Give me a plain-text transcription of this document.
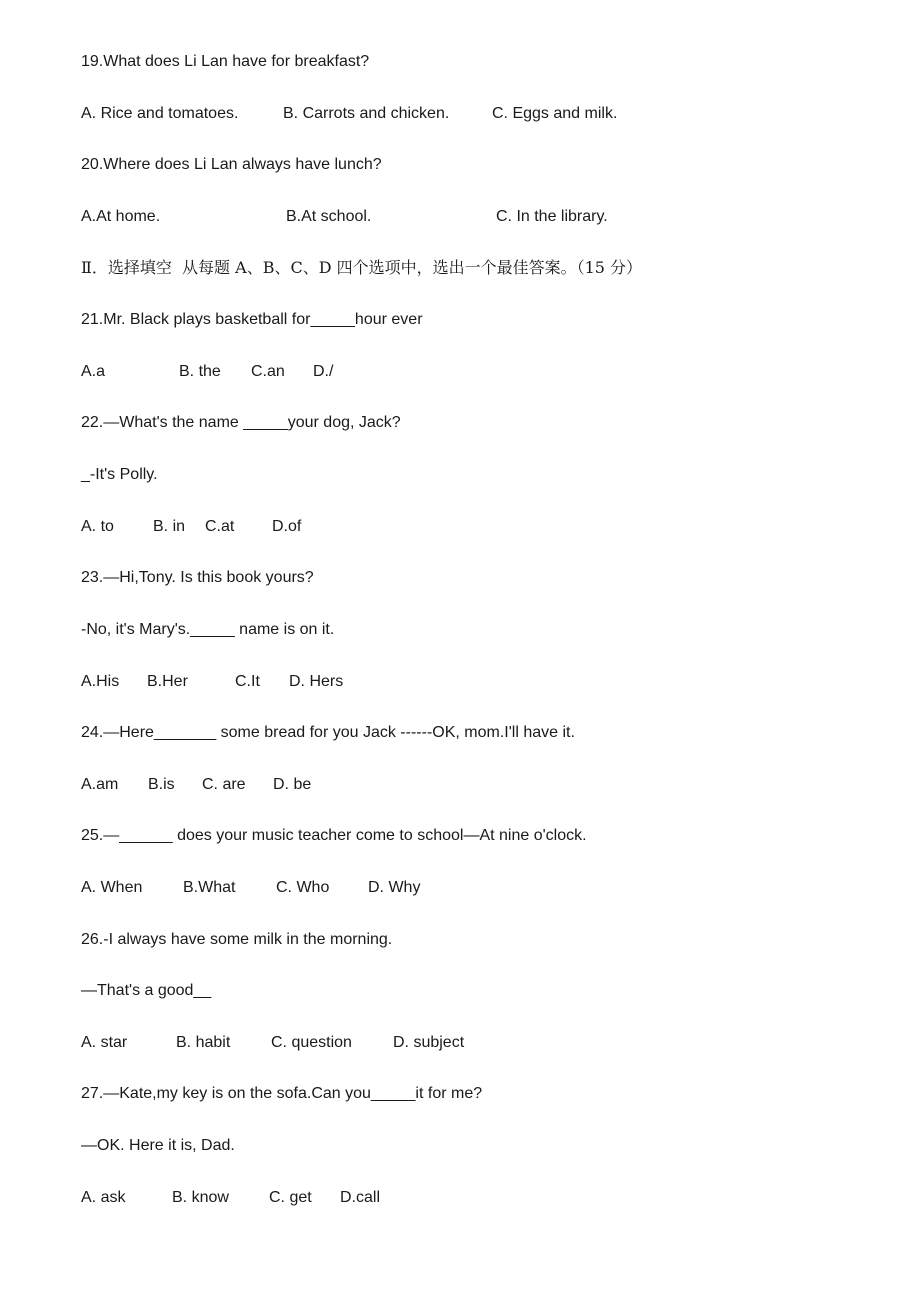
19.What does Li Lan have for breakfast?
A. Rice and tomatoes.	B. Carrots and chicken.	C. Eggs and milk.
20.Where does Li Lan always have lunch?
A.At home.	B.At school.	C. In the library.
Ⅱ．选择填空  从每题 A、B、C、D 四个选项中，选出一个最佳答案。（15 分）
21.Mr. Black plays basketball for_____hour ever
A.a	B. the C.an D./
22.—What's the name _____your dog, Jack?
_-It's Polly.
A. to B. in C.at D.of
23.—Hi,Tony. Is this book yours?
-No, it's Mary's._____ name is on it.
A.His B.Her	C.It D. Hers
24.—Here_______ some bread for you Jack ------OK, mom.I'll have it.
A.am B.is C. are D. be
25.—______ does your music teacher come to school—At nine o'clock.
A. When	B.What	C. Who D. Why
26.-I always have some milk in the morning.
—That's a good__
A. star	B. habit	C. question	D. subject
27.—Kate,my key is on the sofa.Can you_____it for me?
—OK. Here it is, Dad.
A. ask	B. know	C. get D.call
